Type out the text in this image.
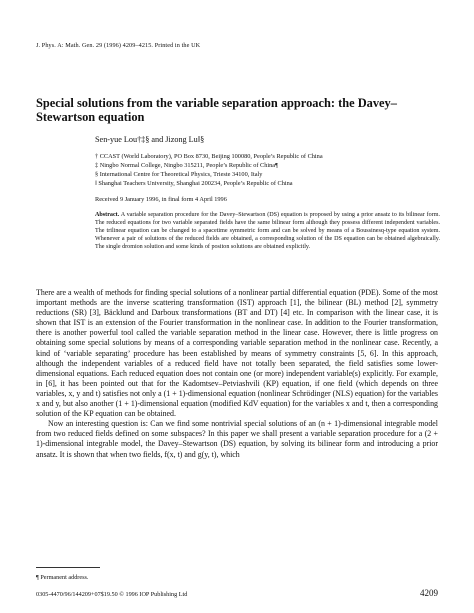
J. Phys. A: Math. Gen. 29 (1996) 4209–4215. Printed in the UK
Special solutions from the variable separation approach: the Davey–Stewartson equation
Sen-yue Lou†‡§ and Jizong Lu‖§
† CCAST (World Laboratory), PO Box 8730, Beijing 100080, People’s Republic of China
‡ Ningbo Normal College, Ningbo 315211, People’s Republic of China¶
§ International Centre for Theoretical Physics, Trieste 34100, Italy
‖ Shanghai Teachers University, Shanghai 200234, People’s Republic of China
Received 9 January 1996, in final form 4 April 1996
Abstract. A variable separation procedure for the Davey–Stewartson (DS) equation is proposed by using a prior ansatz to its bilinear form. The reduced equations for two variable separated fields have the same bilinear form although they possess different independent variables. The trilinear equation can be changed to a spacetime symmetric form and can be solved by means of a Boussinesq-type equation system. Whenever a pair of solutions of the reduced fields are obtained, a corresponding solution of the DS equation can be obtained algebraically. The single dromion solution and some kinds of positon solutions are obtained explicitly.

There are a wealth of methods for finding special solutions of a nonlinear partial differential equation (PDE). Some of the most important methods are the inverse scattering transformation (IST) approach [1], the bilinear (BL) method [2], symmetry reductions (SR) [3], Bäcklund and Darboux transformations (BT and DT) [4] etc. In comparison with the linear case, it is shown that IST is an extension of the Fourier transformation in the nonlinear case. In addition to the Fourier transformation, there is another powerful tool called the variable separation method in the linear case. However, there is little progress on obtaining some special solutions by means of a corresponding variable separation method in the nonlinear case. Recently, a kind of ‘variable separating’ procedure has been established by means of symmetry constraints [5, 6]. In this approach, although the independent variables of a reduced field have not totally been separated, the field satisfies some lower-dimensional equations. Each reduced equation does not contain one (or more) independent variable(s) explicitly. For example, in [6], it has been pointed out that for the Kadomtsev–Petviashvili (KP) equation, if one field (which depends on three variables, x, y and t) satisfies not only a (1 + 1)-dimensional equation (nonlinear Schrödinger (NLS) equation) for the variables x and y, but also another (1 + 1)-dimensional equation (modified KdV equation) for the variables x and t, then a corresponding solution of the KP equation can be obtained.

Now an interesting question is: Can we find some nontrivial special solutions of an (n + 1)-dimensional integrable model from two reduced fields defined on some subspaces? In this paper we shall present a variable separation procedure for a (2 + 1)-dimensional integrable model, the Davey–Stewartson (DS) equation, by solving its bilinear form and introducing a prior ansatz. It is shown that when two fields, f(x, t) and g(y, t), which

¶ Permanent address.
0305-4470/96/144209+07$19.50 © 1996 IOP Publishing Ltd	4209
